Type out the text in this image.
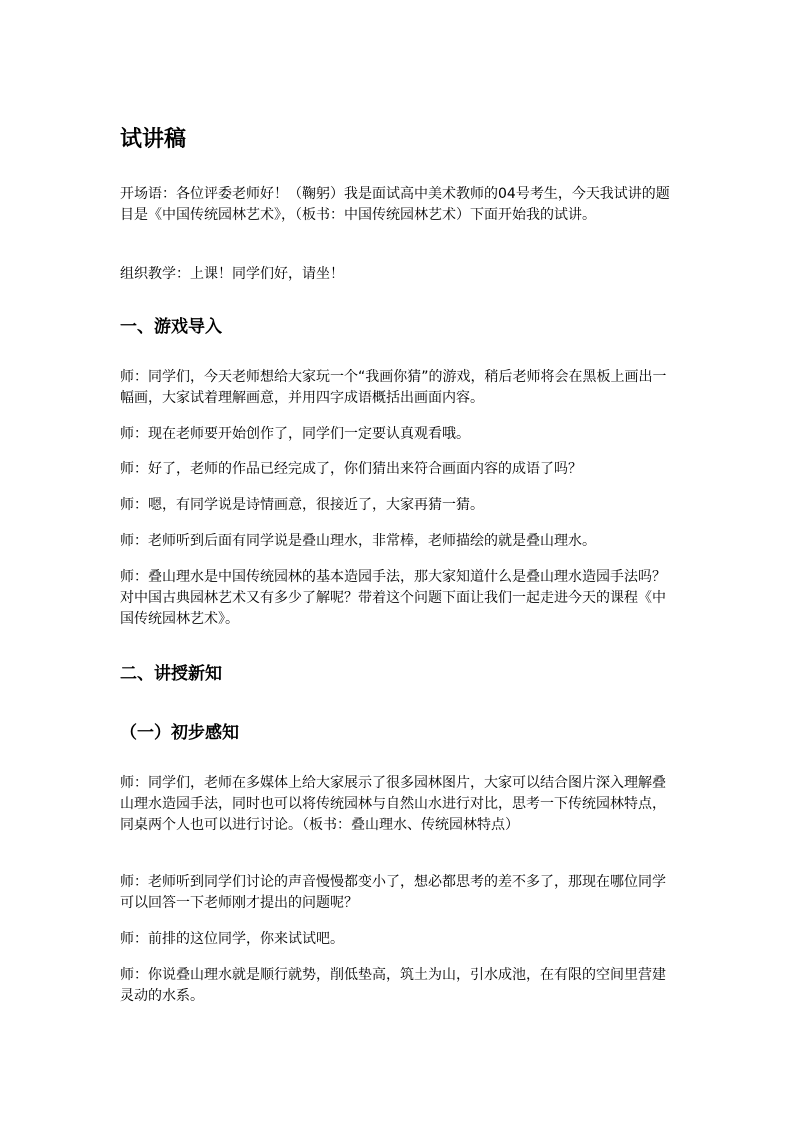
试讲稿

开场语：各位评委老师好！（鞠躬）我是面试高中美术教师的04号考生，今天我试讲的题目是《中国传统园林艺术》，（板书：中国传统园林艺术）下面开始我的试讲。

组织教学：上课！同学们好，请坐！

一、游戏导入

师：同学们，今天老师想给大家玩一个“我画你猜”的游戏，稍后老师将会在黑板上画出一幅画，大家试着理解画意，并用四字成语概括出画面内容。

师：现在老师要开始创作了，同学们一定要认真观看哦。

师：好了，老师的作品已经完成了，你们猜出来符合画面内容的成语了吗？

师：嗯，有同学说是诗情画意，很接近了，大家再猜一猜。

师：老师听到后面有同学说是叠山理水，非常棒，老师描绘的就是叠山理水。

师：叠山理水是中国传统园林的基本造园手法，那大家知道什么是叠山理水造园手法吗？对中国古典园林艺术又有多少了解呢？带着这个问题下面让我们一起走进今天的课程《中国传统园林艺术》。

二、讲授新知
（一）初步感知

师：同学们，老师在多媒体上给大家展示了很多园林图片，大家可以结合图片深入理解叠山理水造园手法，同时也可以将传统园林与自然山水进行对比，思考一下传统园林特点，同桌两个人也可以进行讨论。（板书：叠山理水、传统园林特点）

师：老师听到同学们讨论的声音慢慢都变小了，想必都思考的差不多了，那现在哪位同学可以回答一下老师刚才提出的问题呢？

师：前排的这位同学，你来试试吧。

师：你说叠山理水就是顺行就势，削低垫高，筑土为山，引水成池，在有限的空间里营建灵动的水系。
